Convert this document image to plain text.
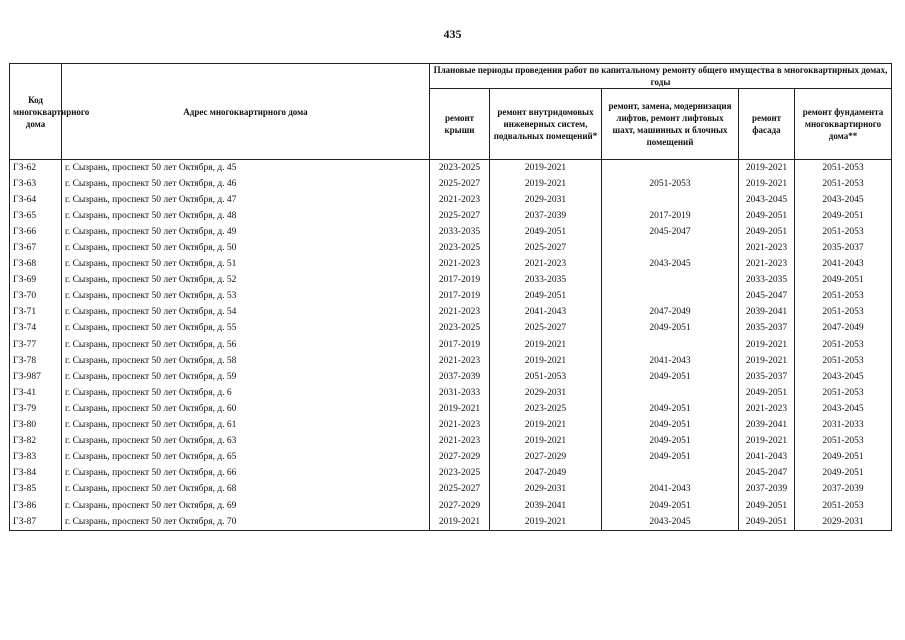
435
Код многоквартирного дома	Адрес многоквартирного дома	Плановые периоды проведения работ по капитальному ремонту общего имущества в многоквартирных домах, годы				
		ремонт крыши	ремонт внутридомовых инженерных систем, подвальных помещений*	ремонт, замена, модернизация лифтов, ремонт лифтовых шахт, машинных и блочных помещений	ремонт фасада	ремонт фундамента многоквартирного дома**
ГЗ-62	г. Сызрань, проспект 50 лет Октября, д. 45	2023-2025	2019-2021		2019-2021	2051-2053
ГЗ-63	г. Сызрань, проспект 50 лет Октября, д. 46	2025-2027	2019-2021	2051-2053	2019-2021	2051-2053
ГЗ-64	г. Сызрань, проспект 50 лет Октября, д. 47	2021-2023	2029-2031		2043-2045	2043-2045
ГЗ-65	г. Сызрань, проспект 50 лет Октября, д. 48	2025-2027	2037-2039	2017-2019	2049-2051	2049-2051
ГЗ-66	г. Сызрань, проспект 50 лет Октября, д. 49	2033-2035	2049-2051	2045-2047	2049-2051	2051-2053
ГЗ-67	г. Сызрань, проспект 50 лет Октября, д. 50	2023-2025	2025-2027		2021-2023	2035-2037
ГЗ-68	г. Сызрань, проспект 50 лет Октября, д. 51	2021-2023	2021-2023	2043-2045	2021-2023	2041-2043
ГЗ-69	г. Сызрань, проспект 50 лет Октября, д. 52	2017-2019	2033-2035		2033-2035	2049-2051
ГЗ-70	г. Сызрань, проспект 50 лет Октября, д. 53	2017-2019	2049-2051		2045-2047	2051-2053
ГЗ-71	г. Сызрань, проспект 50 лет Октября, д. 54	2021-2023	2041-2043	2047-2049	2039-2041	2051-2053
ГЗ-74	г. Сызрань, проспект 50 лет Октября, д. 55	2023-2025	2025-2027	2049-2051	2035-2037	2047-2049
ГЗ-77	г. Сызрань, проспект 50 лет Октября, д. 56	2017-2019	2019-2021		2019-2021	2051-2053
ГЗ-78	г. Сызрань, проспект 50 лет Октября, д. 58	2021-2023	2019-2021	2041-2043	2019-2021	2051-2053
ГЗ-987	г. Сызрань, проспект 50 лет Октября, д. 59	2037-2039	2051-2053	2049-2051	2035-2037	2043-2045
ГЗ-41	г. Сызрань, проспект 50 лет Октября, д. 6	2031-2033	2029-2031		2049-2051	2051-2053
ГЗ-79	г. Сызрань, проспект 50 лет Октября, д. 60	2019-2021	2023-2025	2049-2051	2021-2023	2043-2045
ГЗ-80	г. Сызрань, проспект 50 лет Октября, д. 61	2021-2023	2019-2021	2049-2051	2039-2041	2031-2033
ГЗ-82	г. Сызрань, проспект 50 лет Октября, д. 63	2021-2023	2019-2021	2049-2051	2019-2021	2051-2053
ГЗ-83	г. Сызрань, проспект 50 лет Октября, д. 65	2027-2029	2027-2029	2049-2051	2041-2043	2049-2051
ГЗ-84	г. Сызрань, проспект 50 лет Октября, д. 66	2023-2025	2047-2049		2045-2047	2049-2051
ГЗ-85	г. Сызрань, проспект 50 лет Октября, д. 68	2025-2027	2029-2031	2041-2043	2037-2039	2037-2039
ГЗ-86	г. Сызрань, проспект 50 лет Октября, д. 69	2027-2029	2039-2041	2049-2051	2049-2051	2051-2053
ГЗ-87	г. Сызрань, проспект 50 лет Октября, д. 70	2019-2021	2019-2021	2043-2045	2049-2051	2029-2031
